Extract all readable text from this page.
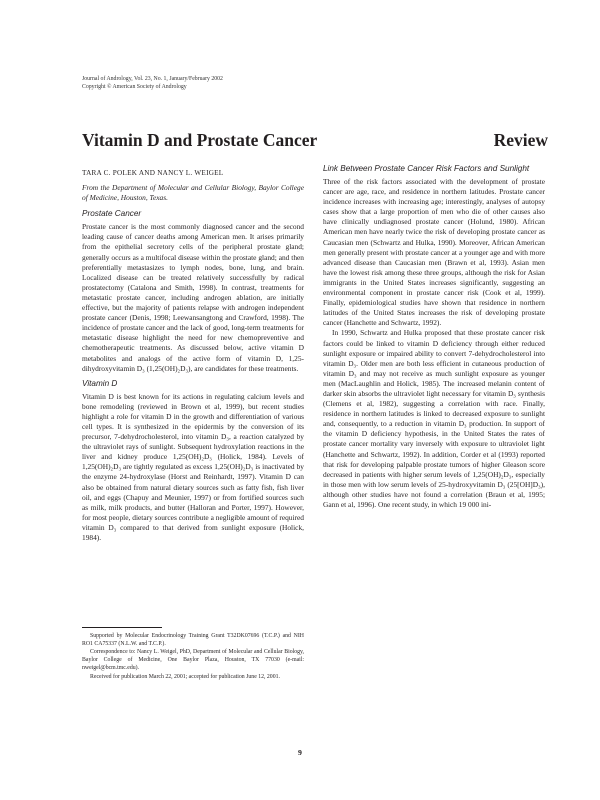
Journal of Andrology, Vol. 23, No. 1, January/February 2002
Copyright © American Society of Andrology
Vitamin D and Prostate Cancer	Review

TARA C. POLEK AND NANCY L. WEIGEL

From the Department of Molecular and Cellular Biology, Baylor College of Medicine, Houston, Texas.

Prostate Cancer

Prostate cancer is the most commonly diagnosed cancer and the second leading cause of cancer deaths among American men. It arises primarily from the epithelial secretory cells of the peripheral prostate gland; generally occurs as a multifocal disease within the prostate gland; and then preferentially metastasizes to lymph nodes, bone, lung, and brain. Localized disease can be treated relatively successfully by radical prostatectomy (Catalona and Smith, 1998). In contrast, treatments for metastatic prostate cancer, including androgen ablation, are initially effective, but the majority of patients relapse with androgen independent prostate cancer (Denis, 1998; Leewansangtong and Crawford, 1998). The incidence of prostate cancer and the lack of good, long-term treatments for metastatic disease highlight the need for new chemopreventive and chemotherapeutic treatments. As discussed below, active vitamin D metabolites and analogs of the active form of vitamin D, 1,25-dihydroxyvitamin D₃ (1,25(OH)₂D₃), are candidates for these treatments.

Vitamin D

Vitamin D is best known for its actions in regulating calcium levels and bone remodeling (reviewed in Brown et al, 1999), but recent studies highlight a role for vitamin D in the growth and differentiation of various cell types. It is synthesized in the epidermis by the conversion of its precursor, 7-dehydrocholesterol, into vitamin D₃, a reaction catalyzed by the ultraviolet rays of sunlight. Subsequent hydroxylation reactions in the liver and kidney produce 1,25(OH)₂D₃ (Holick, 1984). Levels of 1,25(OH)₂D₃ are tightly regulated as excess 1,25(OH)₂D₃ is inactivated by the enzyme 24-hydroxylase (Horst and Reinhardt, 1997). Vitamin D can also be obtained from natural dietary sources such as fatty fish, fish liver oil, and eggs (Chapuy and Meunier, 1997) or from fortified sources such as milk, milk products, and butter (Halloran and Porter, 1997). However, for most people, dietary sources contribute a negligible amount of required vitamin D₃ compared to that derived from sunlight exposure (Holick, 1984).

Link Between Prostate Cancer Risk Factors and Sunlight

Three of the risk factors associated with the development of prostate cancer are age, race, and residence in northern latitudes. Prostate cancer incidence increases with increasing age; interestingly, analyses of autopsy cases show that a large proportion of men who die of other causes also have clinically undiagnosed prostate cancer (Holund, 1980). African American men have nearly twice the risk of developing prostate cancer as Caucasian men (Schwartz and Hulka, 1990). Moreover, African American men generally present with prostate cancer at a younger age and with more advanced disease than Caucasian men (Brawn et al, 1993). Asian men have the lowest risk among these three groups, although the risk for Asian immigrants in the United States increases significantly, suggesting an environmental component in prostate cancer risk (Cook et al, 1999). Finally, epidemiological studies have shown that residence in northern latitudes of the United States increases the risk of developing prostate cancer (Hanchette and Schwartz, 1992).

In 1990, Schwartz and Hulka proposed that these prostate cancer risk factors could be linked to vitamin D deficiency through either reduced sunlight exposure or impaired ability to convert 7-dehydrocholesterol into vitamin D₃. Older men are both less efficient in cutaneous production of vitamin D₃ and may not receive as much sunlight exposure as younger men (MacLaughlin and Holick, 1985). The increased melanin content of darker skin absorbs the ultraviolet light necessary for vitamin D₃ synthesis (Clemens et al, 1982), suggesting a correlation with race. Finally, residence in northern latitudes is linked to decreased exposure to sunlight and, consequently, to a reduction in vitamin D₃ production. In support of the vitamin D deficiency hypothesis, in the United States the rates of prostate cancer mortality vary inversely with exposure to ultraviolet light (Hanchette and Schwartz, 1992). In addition, Corder et al (1993) reported that risk for developing palpable prostate tumors of higher Gleason score decreased in patients with higher serum levels of 1,25(OH)₂D₃, especially in those men with low serum levels of 25-hydroxyvitamin D₃ (25[OH]D₃), although other studies have not found a correlation (Braun et al, 1995; Gann et al, 1996). One recent study, in which 19 000 ini-

Supported by Molecular Endocrinology Training Grant T32DK07696 (T.C.P.) and NIH RO1 CA75337 (N.L.W. and T.C.P.).

Correspondence to: Nancy L. Weigel, PhD, Department of Molecular and Cellular Biology, Baylor College of Medicine, One Baylor Plaza, Houston, TX 77030 (e-mail: nweigel@bcm.tmc.edu).

Received for publication March 22, 2001; accepted for publication June 12, 2001.

9
